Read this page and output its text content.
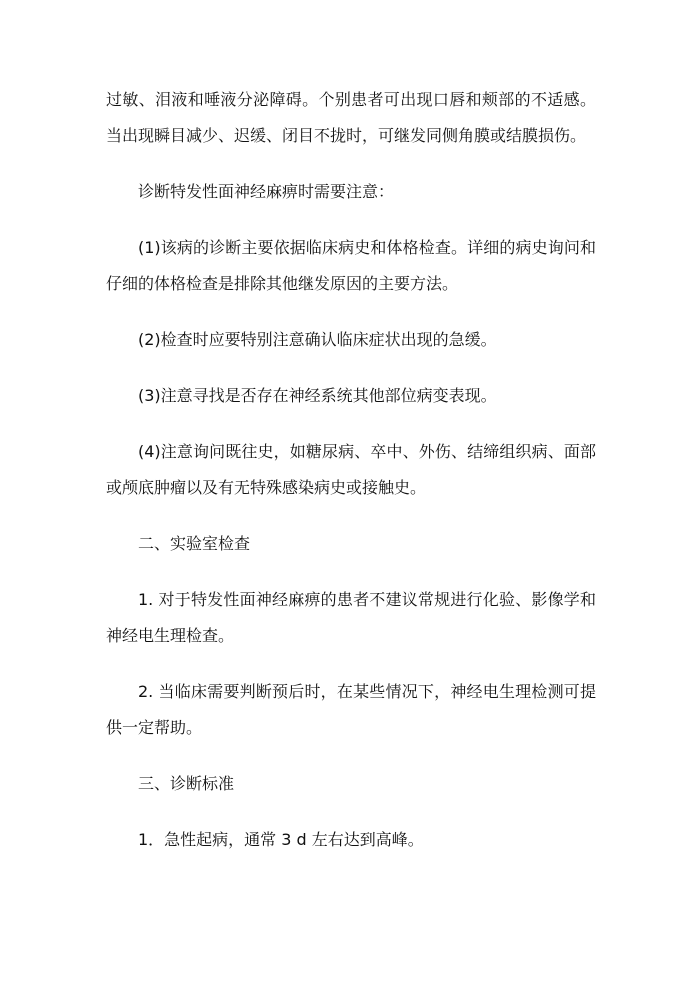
过敏、泪液和唾液分泌障碍。个别患者可出现口唇和颊部的不适感。当出现瞬目减少、迟缓、闭目不拢时，可继发同侧角膜或结膜损伤。

诊断特发性面神经麻痹时需要注意：

(1)该病的诊断主要依据临床病史和体格检查。详细的病史询问和仔细的体格检查是排除其他继发原因的主要方法。

(2)检查时应要特别注意确认临床症状出现的急缓。

(3)注意寻找是否存在神经系统其他部位病变表现。

(4)注意询问既往史，如糖尿病、卒中、外伤、结缔组织病、面部或颅底肿瘤以及有无特殊感染病史或接触史。

二、实验室检查

1. 对于特发性面神经麻痹的患者不建议常规进行化验、影像学和神经电生理检查。

2. 当临床需要判断预后时，在某些情况下，神经电生理检测可提供一定帮助。

三、诊断标准

1．急性起病，通常 3 d 左右达到高峰。
